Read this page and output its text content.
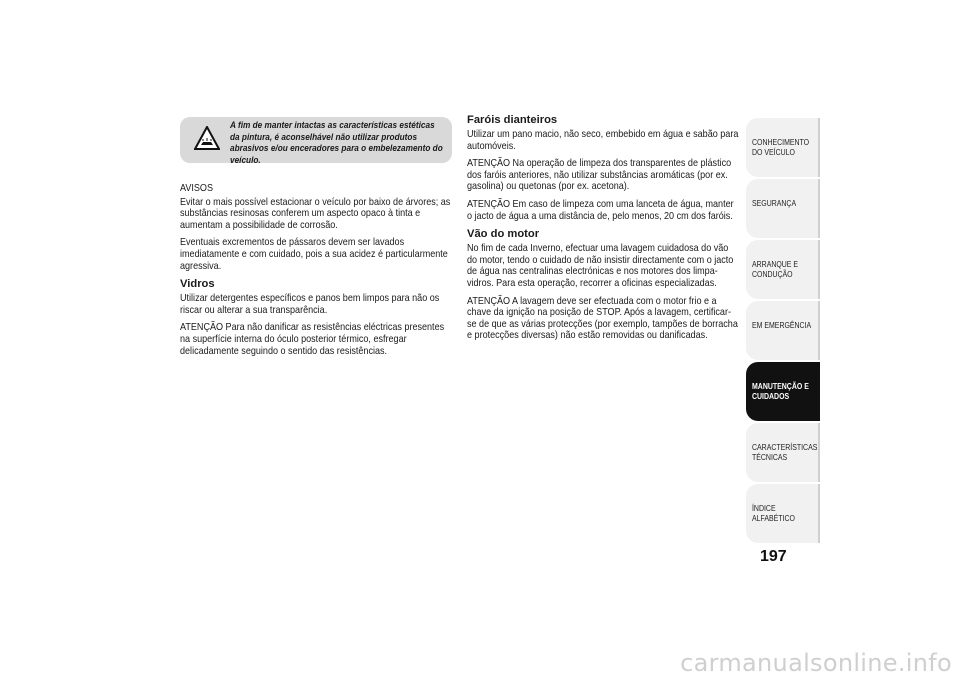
A fim de manter intactas as características estéticas da pintura, é aconselhável não utilizar produtos abrasivos e/ou enceradores para o embelezamento do veículo.

AVISOS

Evitar o mais possível estacionar o veículo por baixo de árvores; as substâncias resinosas conferem um aspecto opaco à tinta e aumentam a possibilidade de corrosão.

Eventuais excrementos de pássaros devem ser lavados imediatamente e com cuidado, pois a sua acidez é particularmente agressiva.

Vidros

Utilizar detergentes específicos e panos bem limpos para não os riscar ou alterar a sua transparência.

ATENÇÃO Para não danificar as resistências eléctricas presentes na superfície interna do óculo posterior térmico, esfregar delicadamente seguindo o sentido das resistências.

Faróis dianteiros

Utilizar um pano macio, não seco, embebido em água e sabão para automóveis.

ATENÇÃO Na operação de limpeza dos transparentes de plástico dos faróis anteriores, não utilizar substâncias aromáticas (por ex. gasolina) ou quetonas (por ex. acetona).

ATENÇÃO Em caso de limpeza com uma lanceta de água, manter o jacto de água a uma distância de, pelo menos, 20 cm dos faróis.

Vão do motor

No fim de cada Inverno, efectuar uma lavagem cuidadosa do vão do motor, tendo o cuidado de não insistir directamente com o jacto de água nas centralinas electrónicas e nos motores dos limpa-vidros. Para esta operação, recorrer a oficinas especializadas.

ATENÇÃO A lavagem deve ser efectuada com o motor frio e a chave da ignição na posição de STOP. Após a lavagem, certificar-se de que as várias protecções (por exemplo, tampões de borracha e protecções diversas) não estão removidas ou danificadas.

CONHECIMENTO DO VEÍCULO
SEGURANÇA
ARRANQUE E CONDUÇÃO
EM EMERGÊNCIA
MANUTENÇÃO E CUIDADOS
CARACTERÍSTICAS TÉCNICAS
ÍNDICE ALFABÉTICO
197
carmanualsonline.info
